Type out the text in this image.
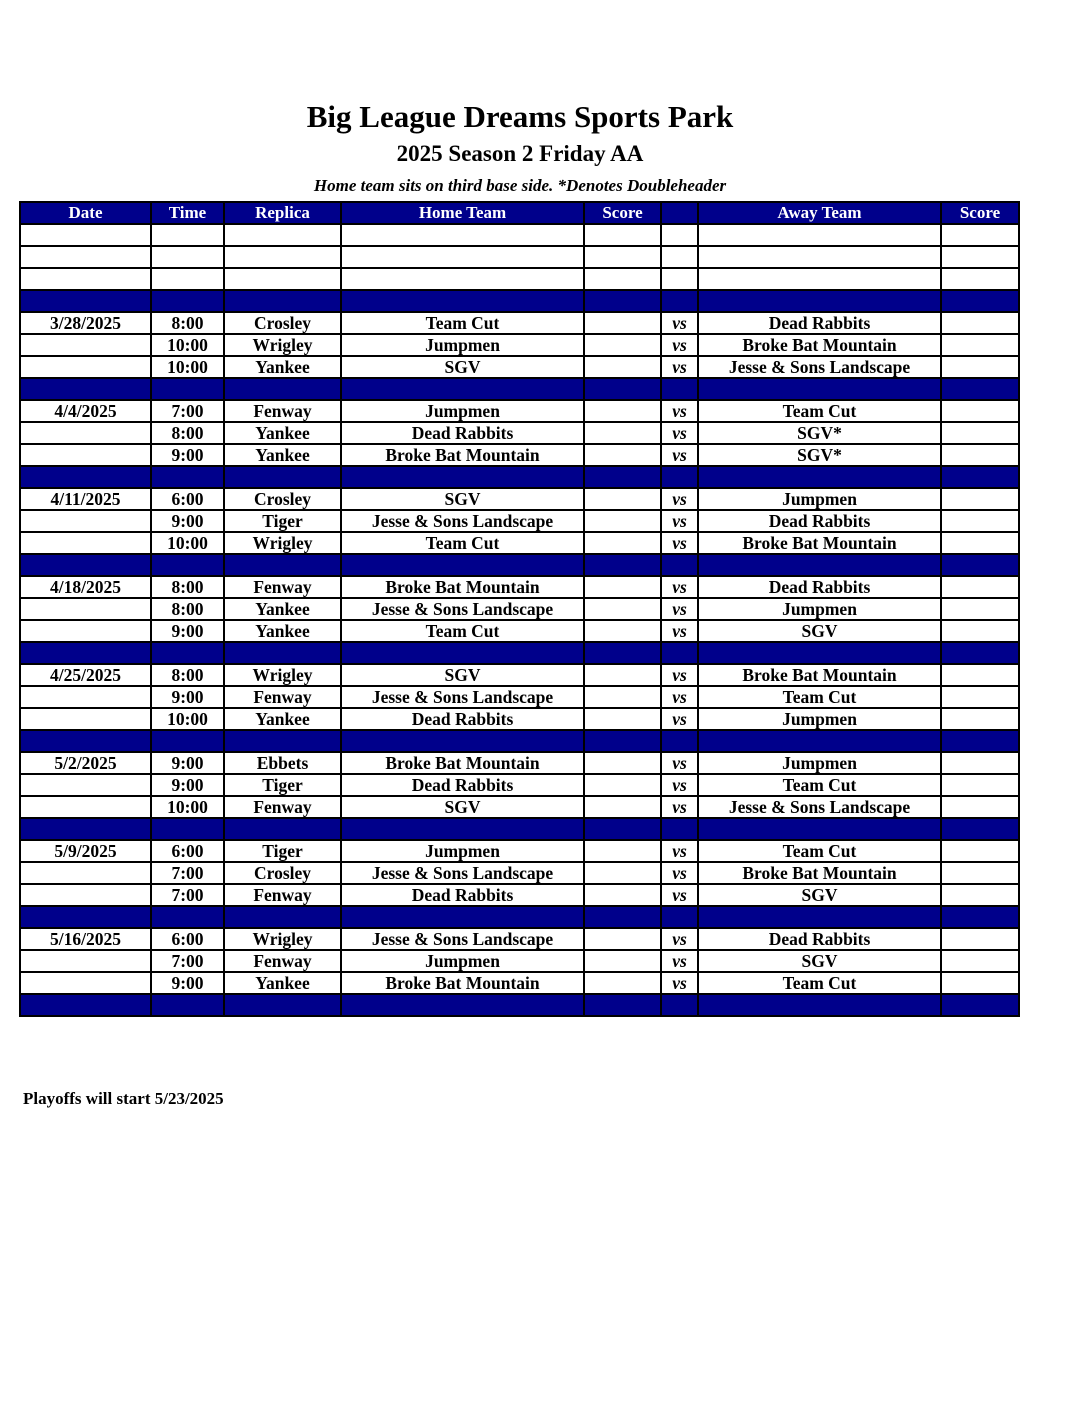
Big League Dreams Sports Park
2025 Season 2 Friday AA
Home team sits on third base side. *Denotes Doubleheader
Date	Time	Replica	Home Team	Score		Away Team	Score

3/28/2025	8:00	Crosley	Team Cut		vs	Dead Rabbits	
	10:00	Wrigley	Jumpmen		vs	Broke Bat Mountain	
	10:00	Yankee	SGV		vs	Jesse & Sons Landscape	

4/4/2025	7:00	Fenway	Jumpmen		vs	Team Cut	
	8:00	Yankee	Dead Rabbits		vs	SGV*	
	9:00	Yankee	Broke Bat Mountain		vs	SGV*	

4/11/2025	6:00	Crosley	SGV		vs	Jumpmen	
	9:00	Tiger	Jesse & Sons Landscape		vs	Dead Rabbits	
	10:00	Wrigley	Team Cut		vs	Broke Bat Mountain	

4/18/2025	8:00	Fenway	Broke Bat Mountain		vs	Dead Rabbits	
	8:00	Yankee	Jesse & Sons Landscape		vs	Jumpmen	
	9:00	Yankee	Team Cut		vs	SGV	

4/25/2025	8:00	Wrigley	SGV		vs	Broke Bat Mountain	
	9:00	Fenway	Jesse & Sons Landscape		vs	Team Cut	
	10:00	Yankee	Dead Rabbits		vs	Jumpmen	

5/2/2025	9:00	Ebbets	Broke Bat Mountain		vs	Jumpmen	
	9:00	Tiger	Dead Rabbits		vs	Team Cut	
	10:00	Fenway	SGV		vs	Jesse & Sons Landscape	

5/9/2025	6:00	Tiger	Jumpmen		vs	Team Cut	
	7:00	Crosley	Jesse & Sons Landscape		vs	Broke Bat Mountain	
	7:00	Fenway	Dead Rabbits		vs	SGV	

5/16/2025	6:00	Wrigley	Jesse & Sons Landscape		vs	Dead Rabbits	
	7:00	Fenway	Jumpmen		vs	SGV	
	9:00	Yankee	Broke Bat Mountain		vs	Team Cut	

Playoffs will start 5/23/2025
